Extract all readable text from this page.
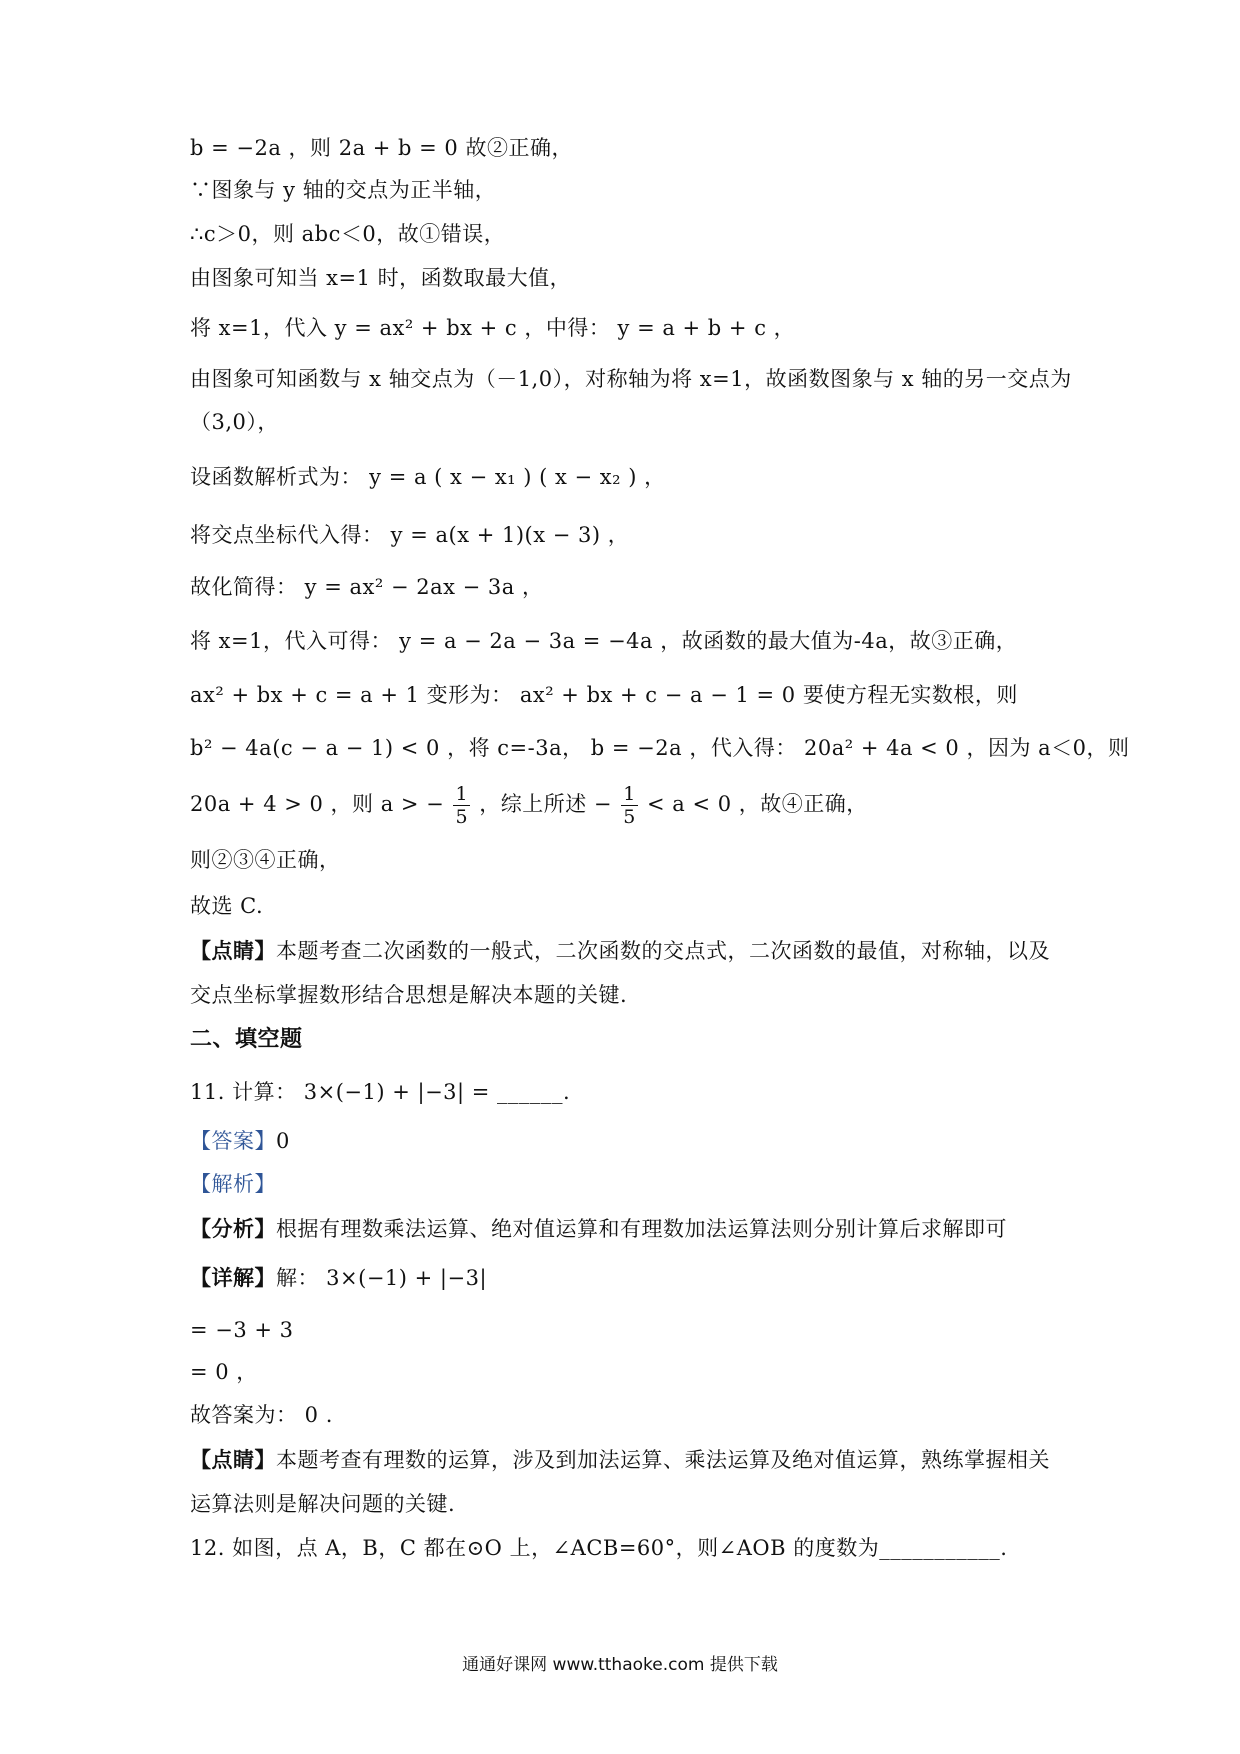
b = −2a ，则 2a + b = 0 故②正确，
∵图象与 y 轴的交点为正半轴，
∴c＞0，则 abc＜0，故①错误，
由图象可知当 x=1 时，函数取最大值，
将 x=1，代入 y = ax² + bx + c ，中得： y = a + b + c ，
由图象可知函数与 x 轴交点为（－1,0），对称轴为将 x=1，故函数图象与 x 轴的另一交点为
（3,0），
设函数解析式为： y = a ( x − x₁ ) ( x − x₂ ) ，
将交点坐标代入得： y = a(x + 1)(x − 3) ，
故化简得： y = ax² − 2ax − 3a ，
将 x=1，代入可得： y = a − 2a − 3a = −4a ，故函数的最大值为-4a，故③正确，
ax² + bx + c = a + 1 变形为： ax² + bx + c − a − 1 = 0 要使方程无实数根，则
b² − 4a(c − a − 1) < 0 ，将 c=-3a， b = −2a ，代入得： 20a² + 4a < 0 ，因为 a＜0，则
20a + 4 > 0 ，则 a > − $\frac{1}{5}$ ，综上所述 − $\frac{1}{5} < a < 0$ ，故④正确，
则②③④正确，
故选 C.
【点睛】本题考查二次函数的一般式，二次函数的交点式，二次函数的最值，对称轴，以及
交点坐标掌握数形结合思想是解决本题的关键.
二、填空题
11. 计算： 3×(−1) + |−3| = ______.
【答案】0
【解析】
【分析】根据有理数乘法运算、绝对值运算和有理数加法运算法则分别计算后求解即可
【详解】解： 3×(−1) + |−3|
= −3 + 3
= 0 ，
故答案为： 0 .
【点睛】本题考查有理数的运算，涉及到加法运算、乘法运算及绝对值运算，熟练掌握相关
运算法则是解决问题的关键.
12. 如图，点 A，B，C 都在⊙O 上，∠ACB=60°，则∠AOB 的度数为___________.
通通好课网 www.tthaoke.com 提供下载
